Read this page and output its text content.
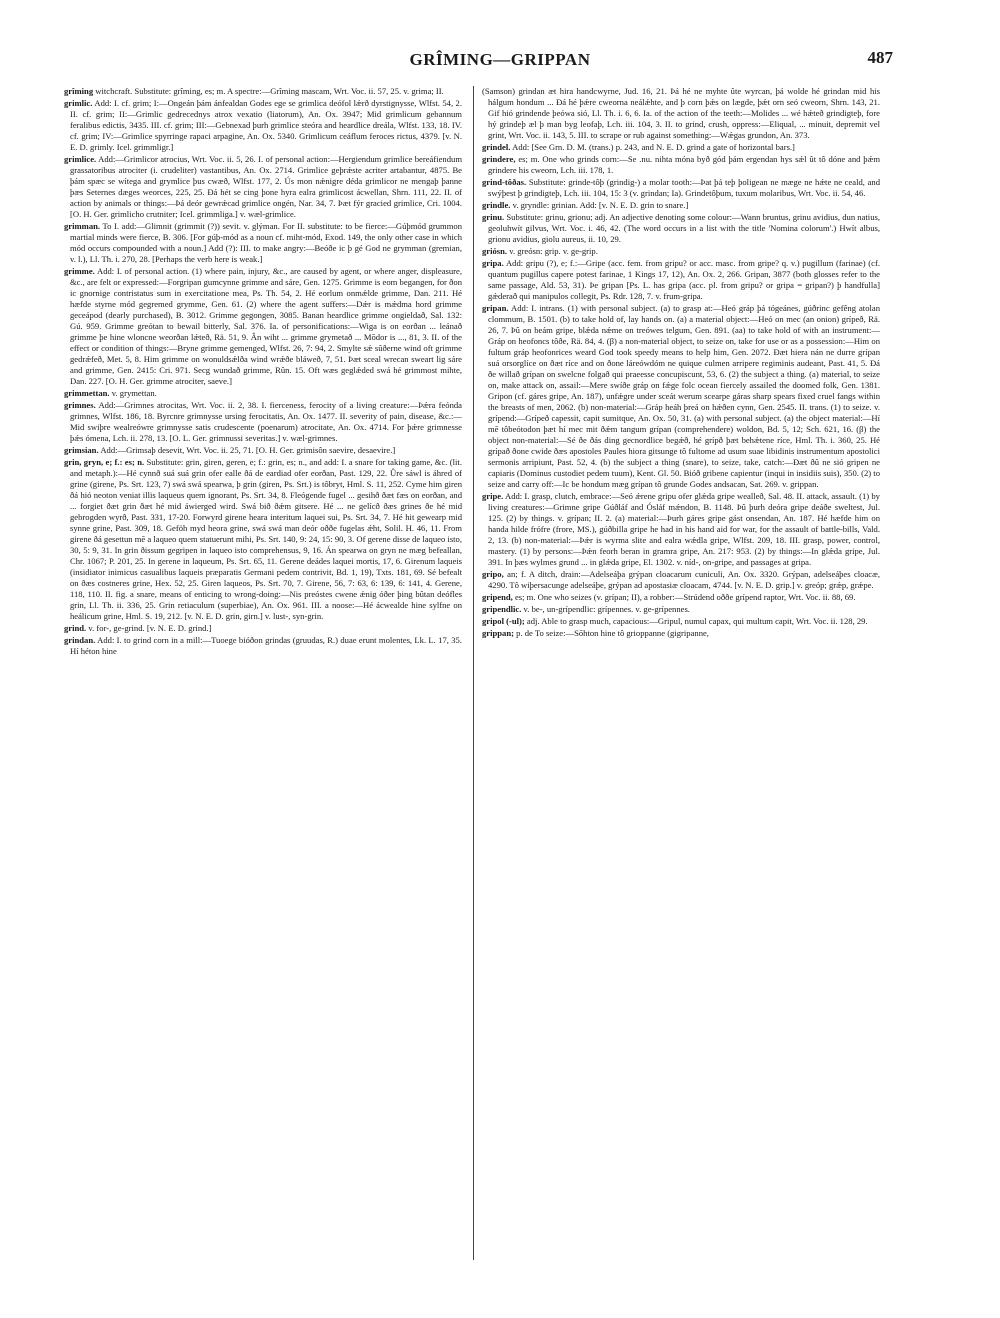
GRÎMING—GRIPPAN	487

grîming witchcraft. Substitute: grîming, es; m. A spectre:—Grîming mascam, Wrt. Voc. ii. 57, 25. v. grima; II.

grimlic. Add: I. cf. grim; I:—Ongeán þám ánfealdan Godes ege se grimlica deófol lǽrð dyrstignysse, Wlfst. 54, 2. II. cf. grim; II:—Grimlic gedrecednys atrox vexatio (liatorum), An. Ox. 3947; Mid grimlicum gebannum feralibus edictis, 3435. III. cf. grim; III:—Gebnexad þurh grimlice steóra and heardlice dreála, Wlfst. 133, 18. IV. cf. grim; IV:—Grimlice spyrringe rapaci arpagine, An. Ox. 5340. Grimlicum ceáflum feroces rictus, 4379. [v. N. E. D. grimly. Icel. grimmligr.]

grimlice. Add:—Grimlicor atrocius, Wrt. Voc. ii. 5, 26. I. of personal action:—Hergiendum grimlice bereáfiendum grassatoribus atrociter (i. crudeliter) vastantibus, An. Ox. 2714. Grimlice geþrǽste acriter artabantur, 4875. Be þám spæc se wítega and grymlice þus cwæð, Wlfst. 177, 2. Ús mon nǽnigre déda grimlicor ne mengaþ þanne þæs Seternes dæges weorces, 225, 25. Ðá hét se cing þone hyra ealra grimlicost ácwellan, Shrn. 111, 22. II. of action by animals or things:—Þá deór gewrǽcad grimlice ongén, Nar. 34, 7. Þæt fýr gracied grimlice, Cri. 1004. [O. H. Ger. grimlicho crutniter; Icel. grimmliga.] v. wæl-grimlice.

grimman. To I. add:—Glimnit (grimmit (?)) sevit. v. glýman. For II. substitute: to be fierce:—Gúþmód grummon martial minds were fierce, B. 306. [For gúþ-mód as a noun cf. miht-mód, Exod. 149, the only other case in which mód occurs compounded with a noun.] Add (?): III. to make angry:—Beóðe ic þ gé God ne grymman (gremian, v. l.), Ll. Th. i. 270, 28. [Perhaps the verb here is weak.]

grimme. Add: I. of personal action. (1) where pain, injury, &c., are caused by agent, or where anger, displeasure, &c., are felt or expressed:—Forgripan gumcynne grimme and sáre, Gen. 1275. Grimme is eom begangen, for ðon ic gnornige contristatus sum in exercitatione mea, Ps. Th. 54, 2. Hé eorlum onmǽlde grimme, Dan. 211. Hé hæfde styrne mód gegremed grymme, Gen. 61. (2) where the agent suffers:—Dǽr is mǽdma hord grimme geceápod (dearly purchased), B. 3012. Grimme gegongen, 3085. Banan heardlice grimme ongieldað, Sal. 132: Gú. 959. Grimme greótan to bewail bitterly, Sal. 376. Ia. of personifications:—Wiga is on eorðan ... leánað grimme þe hine wloncne weorðan lǽteð, Rä. 51, 9. Ân wiht ... grimme grymetað ... Mōdor is ..., 81, 3. II. of the effect or condition of things:—Bryne grimme gemenged, Wlfst. 26, 7: 94, 2. Smylte sǽ sûðerne wind oft grimme gedrǽfeð, Met. 5, 8. Him grimme on wonuldsǽlða wind wrǽðe bláweð, 7, 51. Þæt sceal wrecan sweart lig sáre and grimme, Gen. 2415: Cri. 971. Secg wundað grimme, Rûn. 15. Oft wæs geglǽded swá hé grimmost mihte, Dan. 227. [O. H. Ger. grimme atrociter, saeve.]

grimmettan. v. grymettan.

grimnes. Add:—Grimnes atrocitas, Wrt. Voc. ii. 2, 38. I. fierceness, ferocity of a living creature:—Þǽra feónda grimnes, Wlfst. 186, 18. Byrcnre grimnysse ursing ferocitatis, An. Ox. 1477. II. severity of pain, disease, &c.:—Mid swiþre wealreówre grimnysse satis crudescente (poenarum) atrocitate, An. Ox. 4714. For þǽre grimnesse þǽs ómena, Lch. ii. 278, 13. [O. L. Ger. grimnussi severitas.] v. wæl-grimnes.

grimsian. Add:—Grimsaþ desevit, Wrt. Voc. ii. 25, 71. [O. H. Ger. grimisôn saevire, desaevire.]

grin, gryn, e; f.: es; n. Substitute: grin, giren, geren, e; f.: grin, es; n., and add: I. a snare for taking game, &c. (lit. and metaph.):—Hé cynnð suá suá grin ofer ealle ðá de eardiad ofer eorðan, Past. 129, 22. Ûre sáwl is áhred of grine (girene, Ps. Srt. 123, 7) swá swá spearwa, þ grin (giren, Ps. Srt.) is tôbryt, Hml. S. 11, 252. Cyme him giren ðá hió neoton veniat illis laqueus quem ignorant, Ps. Srt. 34, 8. Fleógende fugel ... gesihð ðæt fæs on eorðan, and ... forgiet ðæt grin ðæt hé mid áwierged wird. Swá bið ðǽm gitsere. Hé ... ne gelícð ðæs grines ðe hé mid gebrogden wyrð, Past. 331, 17-20. Forwyrd girene heara interitum laquei sui, Ps. Srt. 34, 7. Hé hit gewearp mid synne grine, Past. 309, 18. Geföh myd heora grine, swá swá man deór oððe fugelas ǽht, Solil. H. 46, 11. From girene ðá gesettun mē a laqueo quem statuerunt mihi, Ps. Srt. 140, 9: 24, 15: 90, 3. Of gerene disse de laqueo isto, 30, 5: 9, 31. In grin ðissum gegripen in laqueo isto comprehensus, 9, 16. Án spearwa on gryn ne mæg befeallan, Chr. 1067; P. 201, 25. In gerene in laqueum, Ps. Srt. 65, 11. Gerene deádes laquei mortis, 17, 6. Girenum laqueis (insidiator inimicus casualibus laqueis præparatis Germani pedem contrivit, Bd. 1, 19), Txts. 181, 69. Sé befealt on ðæs costneres grine, Hex. 52, 25. Giren laqueos, Ps. Srt. 70, 7. Girene, 56, 7: 63, 6: 139, 6: 141, 4. Gerene, 118, 110. II. fig. a snare, means of enticing to wrong-doing:—Nis preóstes cwene ǽnig óðer þing bûtan deófles grin, Ll. Th. ii. 336, 25. Grin retiaculum (superbiae), An. Ox. 961. III. a noose:—Hé ácwealde hine sylfne on heálicum grine, Hml. S. 19, 212. [v. N. E. D. grin, girn.] v. lust-, syn-grin.

grind. v. for-, ge-grind. [v. N. E. D. grind.]

grindan. Add: I. to grind corn in a mill:—Tuoege bióðon grindas (gruudas, R.) duae erunt molentes, Lk. L. 17, 35. Hí héton hine

(Samson) grindan æt hira handcwyrne, Jud. 16, 21. Þá hé ne myhte ûte wyrcan, þá wolde hé grindan mid his hálgum hondum ... Ðá hé þǽre cweorna neálǽhte, and þ corn þǽs on lægde, þǽt orn seó cweorn, Shrn. 143, 21. Gif hió grindende þeówa sió, Ll. Th. i. 6, 6. Ia. of the action of the teeth:—Molides ... wé hǽteð grindigteþ, fore hý grindeþ æl þ man byg leofaþ, Lch. iii. 104, 3. II. to grind, crush, oppress:—Eliqual, ... minuit, depremit vel grint, Wrt. Voc. ii. 143, 5. III. to scrape or rub against something:—Wǽgas grundon, An. 373.

grindel. Add: [See Grn. D. M. (trans.) p. 243, and N. E. D. grind a gate of horizontal bars.]

grindere, es; m. One who grinds corn:—Se .nu. nihta móna byð gód þám ergendan hys sǽl ût tô dóne and þǽm grindere his cweorn, Lch. iii. 178, 1.

grind-tôðas. Substitute: grinde-tôþ (grindig-) a molar tooth:—Þat þá teþ þoligean ne mæge ne hǽte ne ceald, and swýþest þ grindigteþ, Lch. iii. 104, 15: 3 (v. grindan; Ia). Grindetôþum, tuxum molaribus, Wrt. Voc. ii. 54, 46.

grindle. v. gryndle: grinian. Add: [v. N. E. D. grin to snare.]

grinu. Substitute: grinu, grionu; adj. An adjective denoting some colour:—Wann bruntus, grinu avidius, dun natius, geoluhwít gilvus, Wrt. Voc. i. 46, 42. (The word occurs in a list with the title 'Nomina colorum'.) Hwít albus, grionu avidius, giolu aureus, ii. 10, 29.

griósn. v. greósn: grip. v. ge-grip.

gripa. Add: gripu (?), e; f.:—Gripe (acc. fem. from gripu? or acc. masc. from gripe? q. v.) pugillum (farinae) (cf. quantum pugillus capere potest farinae, 1 Kings 17, 12), An. Ox. 2, 266. Gripan, 3877 (both glosses refer to the same passage, Ald. 53, 31). Þe gripan [Ps. L. has gripa (acc. pl. from gripu? or gripa = gripan?) þ handfulla] gǽderað qui manipulos collegit, Ps. Rdr. 128, 7. v. frum-gripa.

gripan. Add: I. intrans. (1) with personal subject. (a) to grasp at:—Heó gráp þá tógeánes, gúðrinc gefêng atolan clommum, B. 1501. (b) to take hold of, lay hands on. (a) a material object:—Heó on mec (an onion) grípeð, Rä. 26, 7. Þû on beám gripe, blǽda nǽme on treówes telgum, Gen. 891. (aa) to take hold of with an instrument:—Gráp on heofoncs tôðe, Rä. 84, 4. (β) a non-material object, to seize on, take for use or as a possession:—Him on fultum gráp heofonrices weard God took speedy means to help him, Gen. 2072. Ðæt hiera nán ne durre grípan suá orsorglíce on ðæt ríce and on ðone láreówdóm ne quique culmen arripere regiminis audeant, Past. 41, 5. Ðá ðe willað grípan on swelcne folgað qui praeesse concupiscunt, 53, 6. (2) the subject a thing. (a) material, to seize on, make attack on, assail:—Mere swíðe gráp on fǽge folc ocean fiercely assailed the doomed folk, Gen. 1381. Gripon (cf. gáres gripe, An. 187), unfǽgre under sceát werum scearpe gáras sharp spears fixed cruel fangs within the breasts of men, 2062. (b) non-material:—Gráp heáh þreá on hǽðen cynn, Gen. 2545. II. trans. (1) to seize. v. grípend:—Grípeð capessit, capit sumitque, An. Ox. 50, 31. (a) with personal subject. (a) the object material:—Hí mē tôbeótodon þæt hí mec mit ðǽm tangum grípan (comprehendere) woldon, Bd. 5, 12; Sch. 621, 16. (β) the object non-material:—Sé ðe ðás ding gecnordlice begǽð, hé grípð þæt behǽtene ríce, Hml. Th. i. 360, 25. Hé grípað ðone cwide ðæs apostoles Paules hiora gitsunge tô fultome ad usum suae libidinis instrumentum apostolici sermonis arripiunt, Past. 52, 4. (b) the subject a thing (snare), to seize, take, catch:—Ðæt ðû ne sió gripen ne capiaris (Dominus custodiet pedem tuum), Kent. Gl. 50. Bióð gribene capientur (inqui in insidiis suis), 350. (2) to seize and carry off:—Ic be hondum mæg grípan tô grunde Godes andsacan, Sat. 269. v. grippan.

gripe. Add: I. grasp, clutch, embrace:—Seó ǽrene gripu ofer glǽda gripe wealleð, Sal. 48. II. attack, assault. (1) by living creatures:—Grimne gripe Gúðláf and Ósláf mǽndon, B. 1148. Þû þurh deóra gripe deáðe sweltest, Jul. 125. (2) by things. v. grípan; II. 2. (a) material:—Þurh gáres gripe gást onsendan, An. 187. Hé hæfde him on handa hilde frófre (frore, MS.), gúðbilla gripe he had in his hand aid for war, for the assault of battle-bills, Vald. 2, 13. (b) non-material:—Þǽr is wyrma slite and ealra wǽdla gripe, Wlfst. 209, 18. III. grasp, power, control, mastery. (1) by persons:—Þǽn feorh beran in gramra gripe, An. 217: 953. (2) by things:—In glǽda gripe, Jul. 391. In þæs wylmes grund ... in glǽda gripe, El. 1302. v. níd-, on-gripe, and passages at gripa.

gripo, an; f. A ditch, drain:—Adelseáþa grýpan cloacarum cuniculi, An. Ox. 3320. Grýpan, adelseáþes cloacæ, 4290. Tô wiþersacunge adelseáþe, grýpan ad apostasiæ cloacam, 4744. [v. N. E. D. grip.] v. greóp; grǽp, grǽpe.

gripend, es; m. One who seizes (v. grípan; II), a robber:—Strúdend oððe grípend raptor, Wrt. Voc. ii. 88, 69.

gripendlic. v. be-, un-grípendlic: grípennes. v. ge-grípennes.

gripol (-ul); adj. Able to grasp much, capacious:—Gripul, numul capax, qui multum capit, Wrt. Voc. ii. 128, 29.

grippan; p. de To seize:—Sōhton hine tô grioppanne (gigripanne,
